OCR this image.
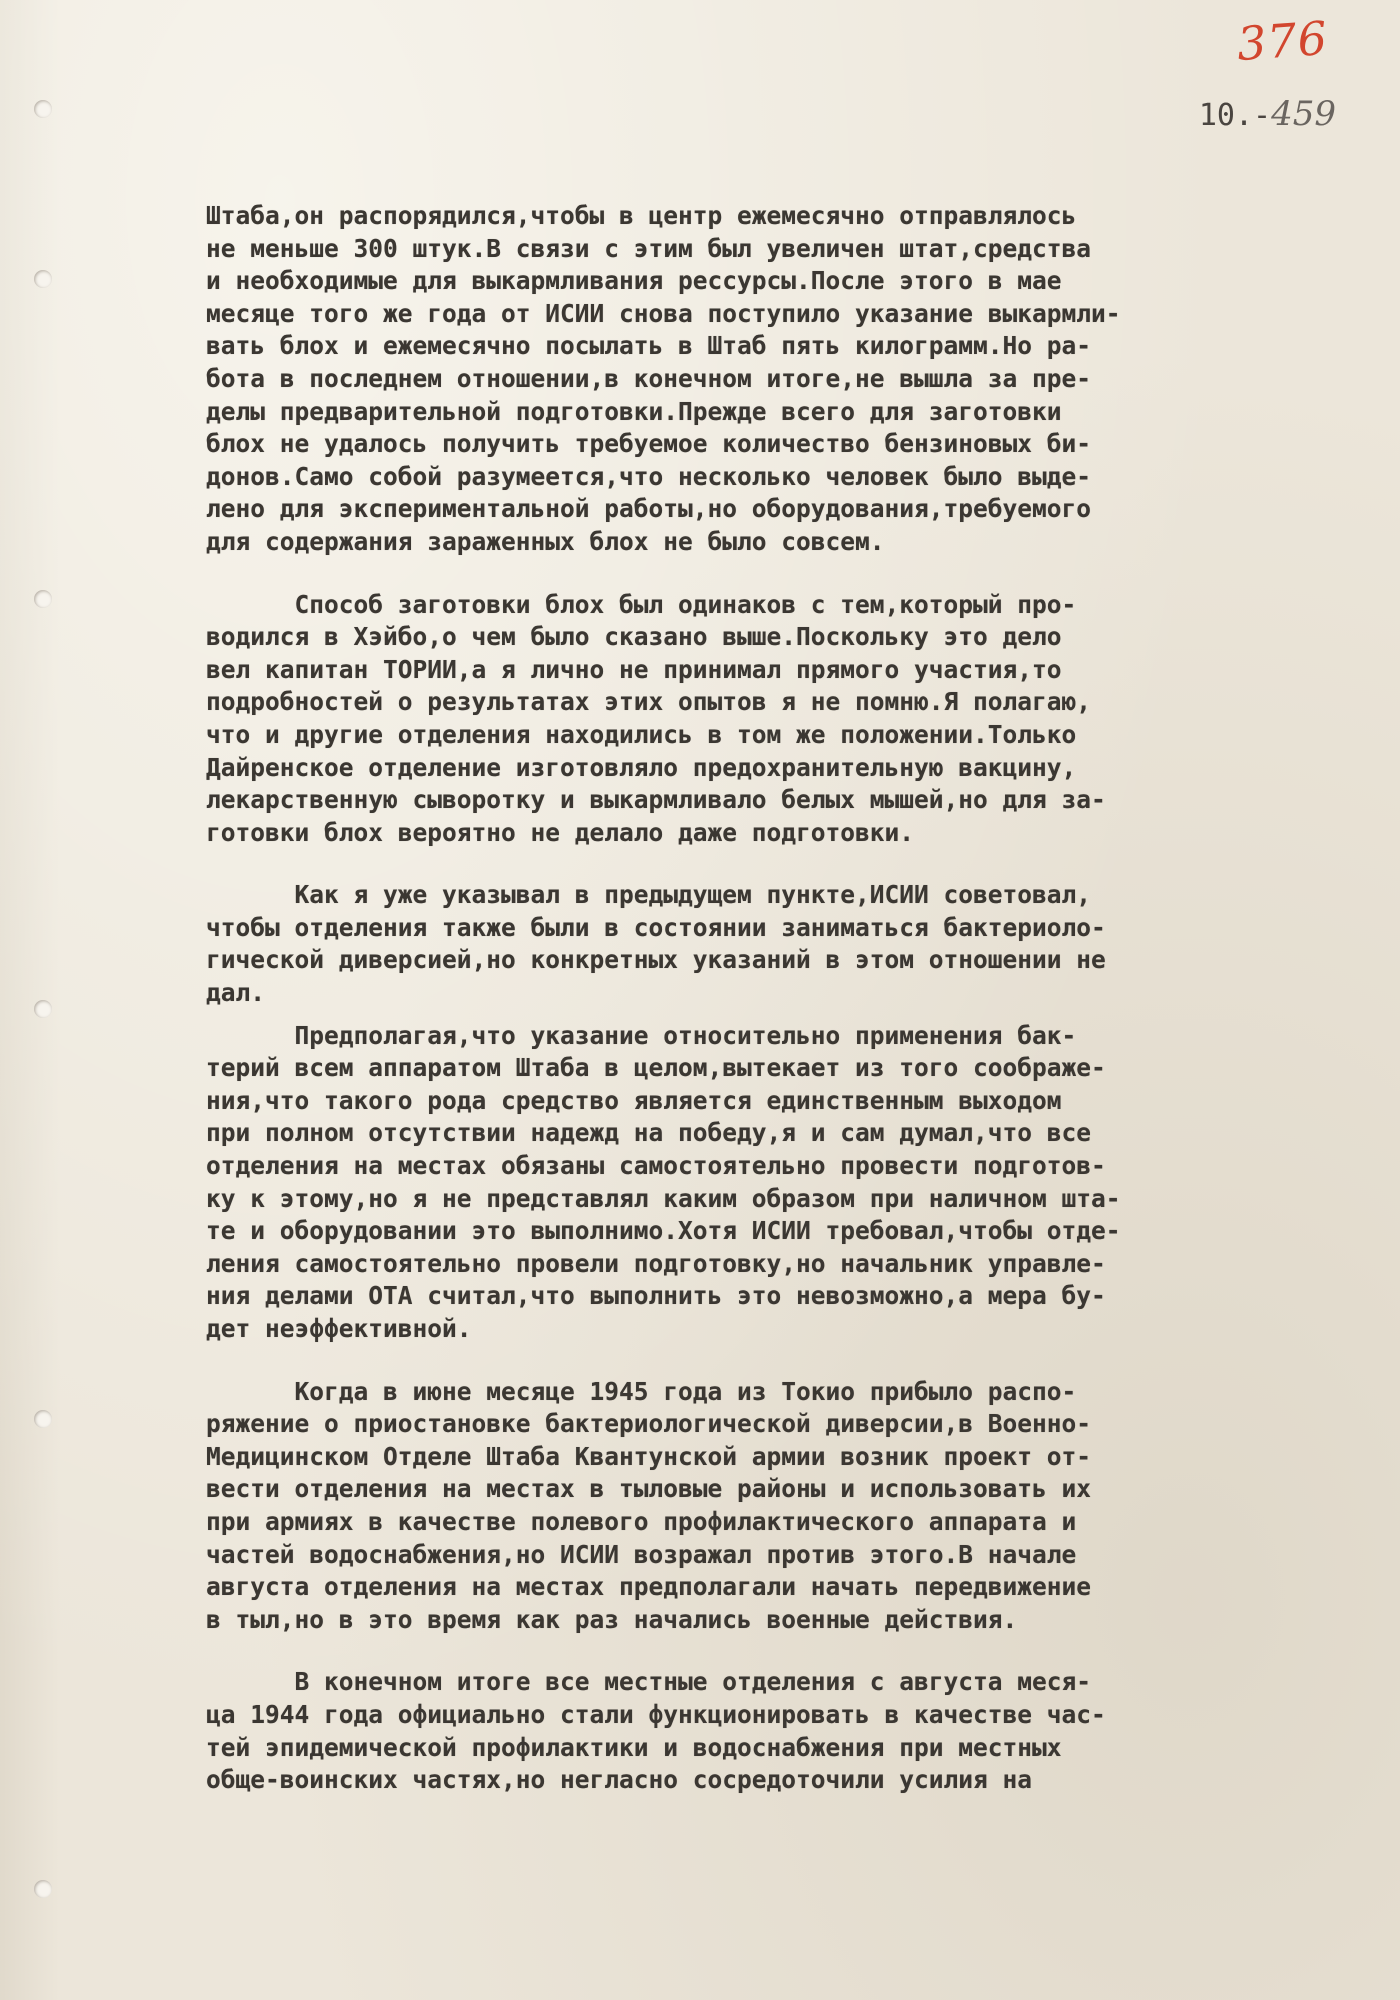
376
10.-459

Штаба,он распорядился,чтобы в центр ежемесячно отправлялось

не меньше 300 штук.В связи с этим был увеличен штат,средства

и необходимые для выкармливания рессурсы.После этого в мае

месяце того же года от ИСИИ снова поступило указание выкармли-

вать блох и ежемесячно посылать в Штаб пять килограмм.Но ра-

бота в последнем отношении,в конечном итоге,не вышла за пре-

делы предварительной подготовки.Прежде всего для заготовки

блох не удалось получить требуемое количество бензиновых би-

донов.Само собой разумеется,что несколько человек было выде-

лено для экспериментальной работы,но оборудования,требуемого

для содержания зараженных блох не было совсем.

Способ заготовки блох был одинаков с тем,который про-

водился в Хэйбо,о чем было сказано выше.Поскольку это дело

вел капитан ТОРИИ,а я лично не принимал прямого участия,то

подробностей о результатах этих опытов я не помню.Я полагаю,

что и другие отделения находились в том же положении.Только

Дайренское отделение изготовляло предохранительную вакцину,

лекарственную сыворотку и выкармливало белых мышей,но для за-

готовки блох вероятно не делало даже подготовки.

Как я уже указывал в предыдущем пункте,ИСИИ советовал,

чтобы отделения также были в состоянии заниматься бактериоло-

гической диверсией,но конкретных указаний в этом отношении не

дал.

Предполагая,что указание относительно применения бак-

терий всем аппаратом Штаба в целом,вытекает из того соображе-

ния,что такого рода средство является единственным выходом

при полном отсутствии надежд на победу,я и сам думал,что все

отделения на местах обязаны самостоятельно провести подготов-

ку к этому,но я не представлял каким образом при наличном шта-

те и оборудовании это выполнимо.Хотя ИСИИ требовал,чтобы отде-

ления самостоятельно провели подготовку,но начальник управле-

ния делами ОТА считал,что выполнить это невозможно,а мера бу-

дет неэффективной.

Когда в июне месяце 1945 года из Токио прибыло распо-

ряжение о приостановке бактериологической диверсии,в Военно-

Медицинском Отделе Штаба Квантунской армии возник проект от-

вести отделения на местах в тыловые районы и использовать их

при армиях в качестве полевого профилактического аппарата и

частей водоснабжения,но ИСИИ возражал против этого.В начале

августа отделения на местах предполагали начать передвижение

в тыл,но в это время как раз начались военные действия.

В конечном итоге все местные отделения с августа меся-

ца 1944 года официально стали функционировать в качестве час-

тей эпидемической профилактики и водоснабжения при местных

обще-воинских частях,но негласно сосредоточили усилия на
